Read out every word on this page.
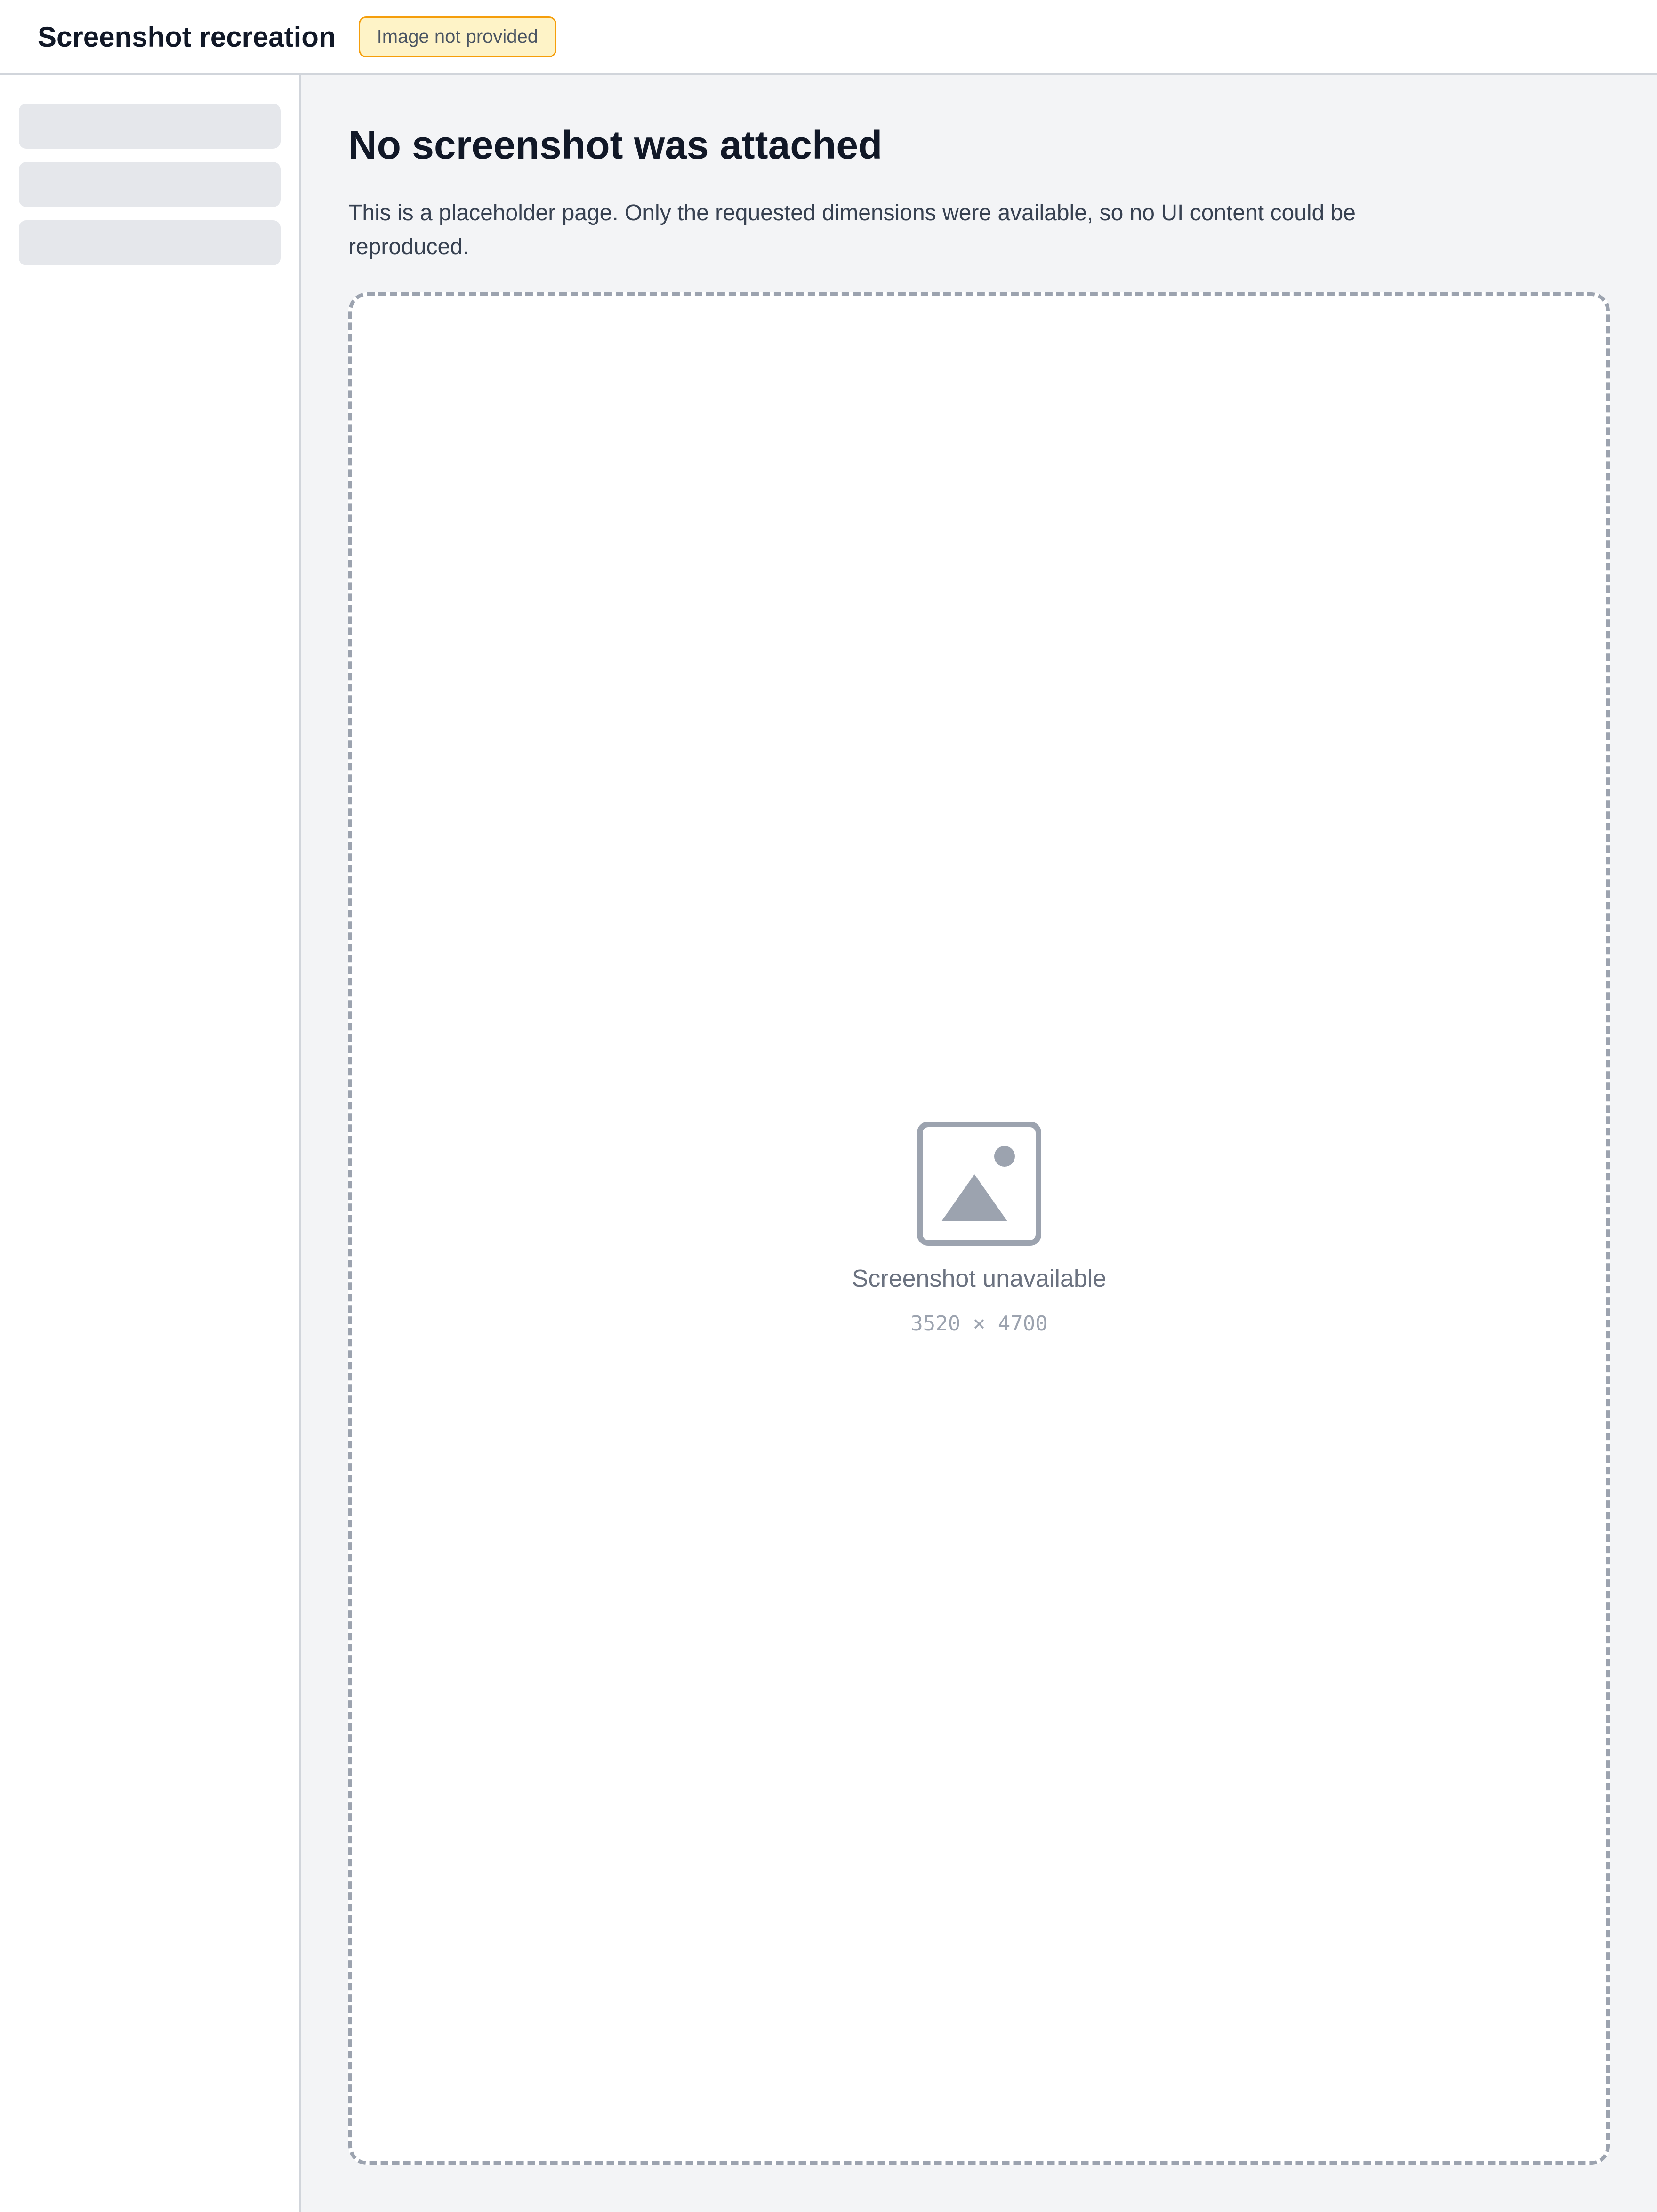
Screenshot recreation	Image not provided
No screenshot was attached

This is a placeholder page. Only the requested dimensions were available, so no UI content could be reproduced.

Screenshot unavailable
3520 × 4700
